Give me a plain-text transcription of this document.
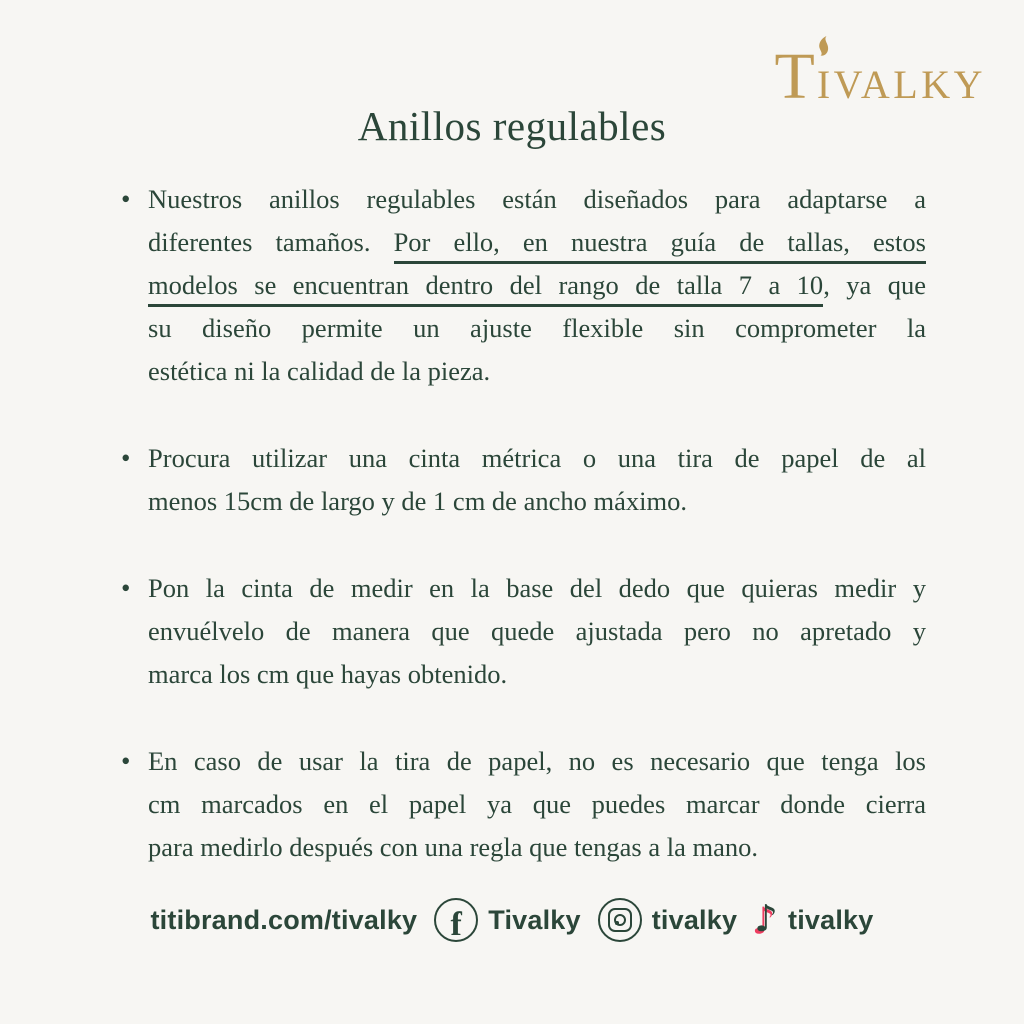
T IVALKY
Anillos regulables
• Nuestros anillos regulables están diseñados para adaptarse a
diferentes tamaños. Por ello, en nuestra guía de tallas, estos
modelos se encuentran dentro del rango de talla 7 a 10, ya que
su diseño permite un ajuste flexible sin comprometer la
estética ni la calidad de la pieza.
• Procura utilizar una cinta métrica o una tira de papel de al
menos 15cm de largo y de 1 cm de ancho máximo.
• Pon la cinta de medir en la base del dedo que quieras medir y
envuélvelo de manera que quede ajustada pero no apretado y
marca los cm que hayas obtenido.
• En caso de usar la tira de papel, no es necesario que tenga los
cm marcados en el papel ya que puedes marcar donde cierra
para medirlo después con una regla que tengas a la mano.
titibrand.com/tivalky f Tivalky	tivalky ♪ tivalky
